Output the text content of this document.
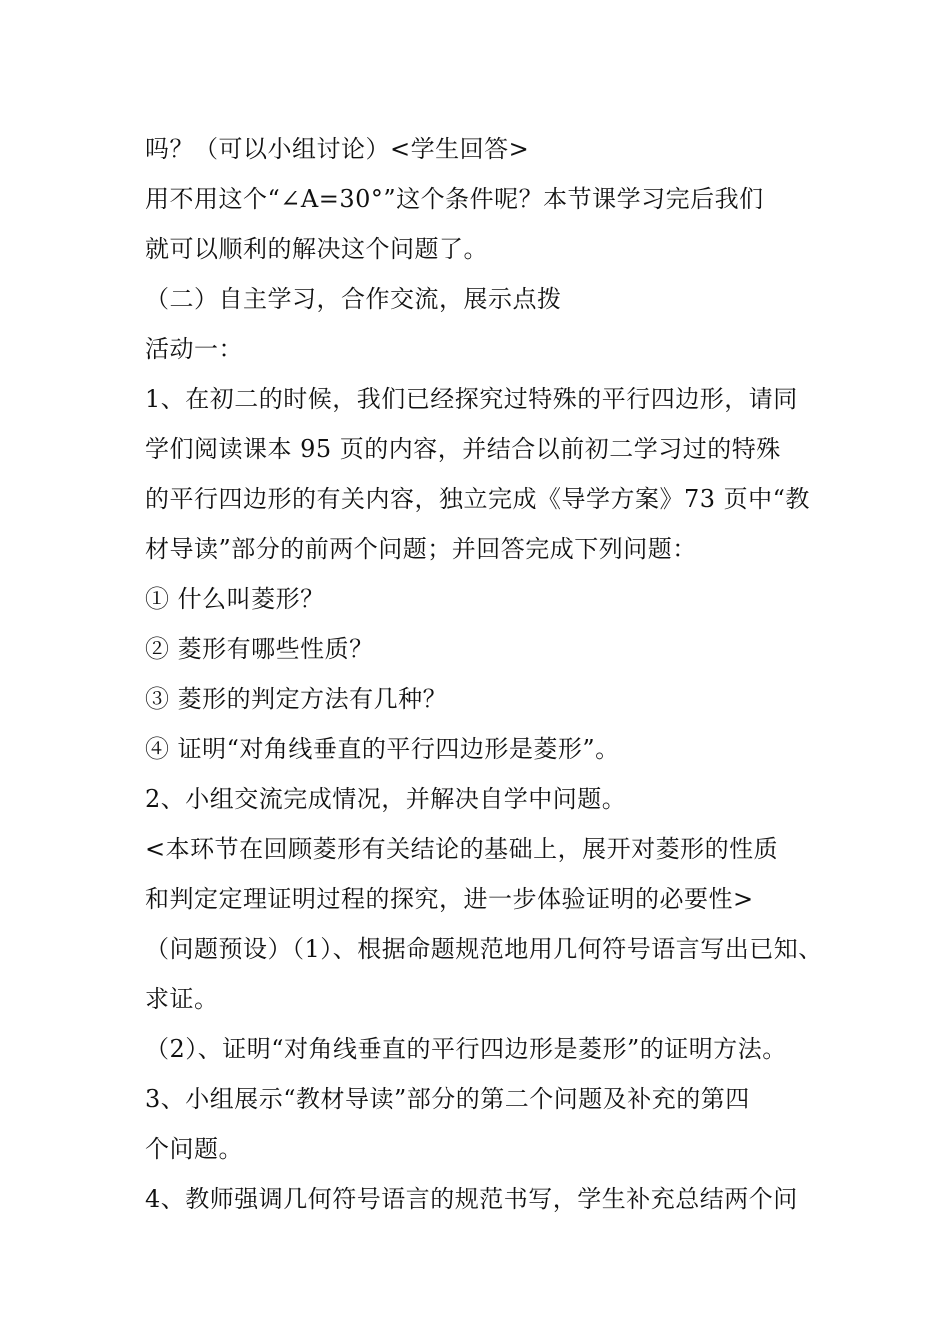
吗？（可以小组讨论）<学生回答>
用不用这个“∠A=30°”这个条件呢？本节课学习完后我们
就可以顺利的解决这个问题了。
（二）自主学习，合作交流，展示点拨
活动一：
1、在初二的时候，我们已经探究过特殊的平行四边形，请同
学们阅读课本 95 页的内容，并结合以前初二学习过的特殊
的平行四边形的有关内容，独立完成《导学方案》73 页中“教
材导读”部分的前两个问题；并回答完成下列问题：
① 什么叫菱形？
② 菱形有哪些性质？
③ 菱形的判定方法有几种？
④ 证明“对角线垂直的平行四边形是菱形”。
2、小组交流完成情况，并解决自学中问题。
<本环节在回顾菱形有关结论的基础上，展开对菱形的性质
和判定定理证明过程的探究，进一步体验证明的必要性>
（问题预设）（1）、根据命题规范地用几何符号语言写出已知、
求证。
（2）、证明“对角线垂直的平行四边形是菱形”的证明方法。
3、小组展示“教材导读”部分的第二个问题及补充的第四
个问题。
4、教师强调几何符号语言的规范书写，学生补充总结两个问
